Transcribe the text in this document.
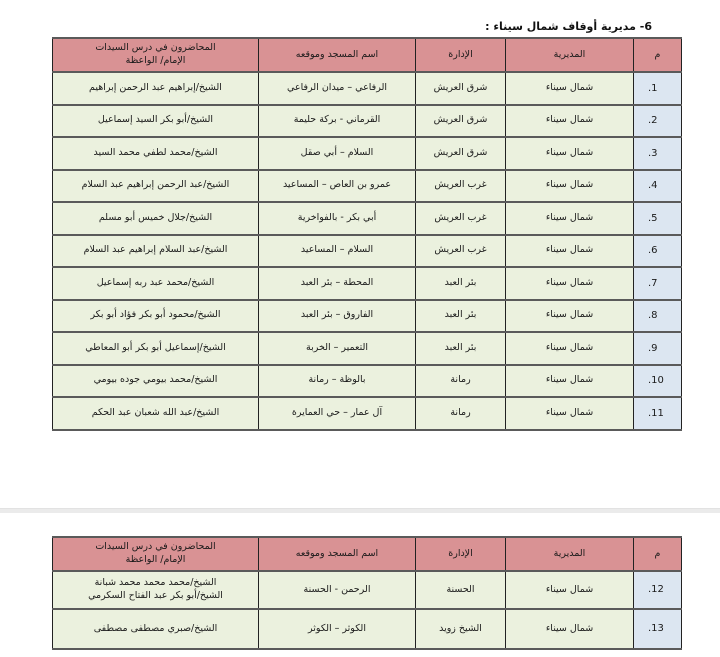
6- مديرية أوقاف شمال سيناء :
م	المديرية	الإدارة	اسم المسجد وموقعه	المحاضرون في درس السيدات
الإمام/ الواعظة

.1	شمال سيناء	شرق العريش	الرفاعي – ميدان الرفاعي	الشيخ/إبراهيم عبد الرحمن إبراهيم
.2	شمال سيناء	شرق العريش	القرماني - بركة حليمة	الشيخ/أبو بكر السيد إسماعيل
.3	شمال سيناء	شرق العريش	السلام – أبي صقل	الشيخ/محمد لطفي محمد السيد
.4	شمال سيناء	غرب العريش	عمرو بن العاص – المساعيد	الشيخ/عبد الرحمن إبراهيم عبد السلام
.5	شمال سيناء	غرب العريش	أبي بكر - بالفواخرية	الشيخ/جلال خميس أبو مسلم
.6	شمال سيناء	غرب العريش	السلام – المساعيد	الشيخ/عبد السلام إبراهيم عبد السلام
.7	شمال سيناء	بئر العبد	المحطة – بئر العبد	الشيخ/محمد عبد ربه إسماعيل
.8	شمال سيناء	بئر العبد	الفاروق – بئر العبد	الشيخ/محمود أبو بكر فؤاد أبو بكر
.9	شمال سيناء	بئر العبد	التعمير – الخربة	الشيخ/إسماعيل أبو بكر أبو المعاطي
.10	شمال سيناء	رمانة	بالوظة – رمانة	الشيخ/محمد بيومي جوده بيومي
.11	شمال سيناء	رمانة	آل عمار – حي العمايرة	الشيخ/عبد الله شعبان عبد الحكم
م	المديرية	الإدارة	اسم المسجد وموقعه	المحاضرون في درس السيدات
الإمام/ الواعظة

.12	شمال سيناء	الحسنة	الرحمن - الحسنة	الشيخ/محمد محمد محمد شبانة
الشيخ/أبو بكر عبد الفتاح السكرمي

.13	شمال سيناء	الشيخ زويد	الكوثر – الكوثر	الشيخ/صبري مصطفى مصطفى
